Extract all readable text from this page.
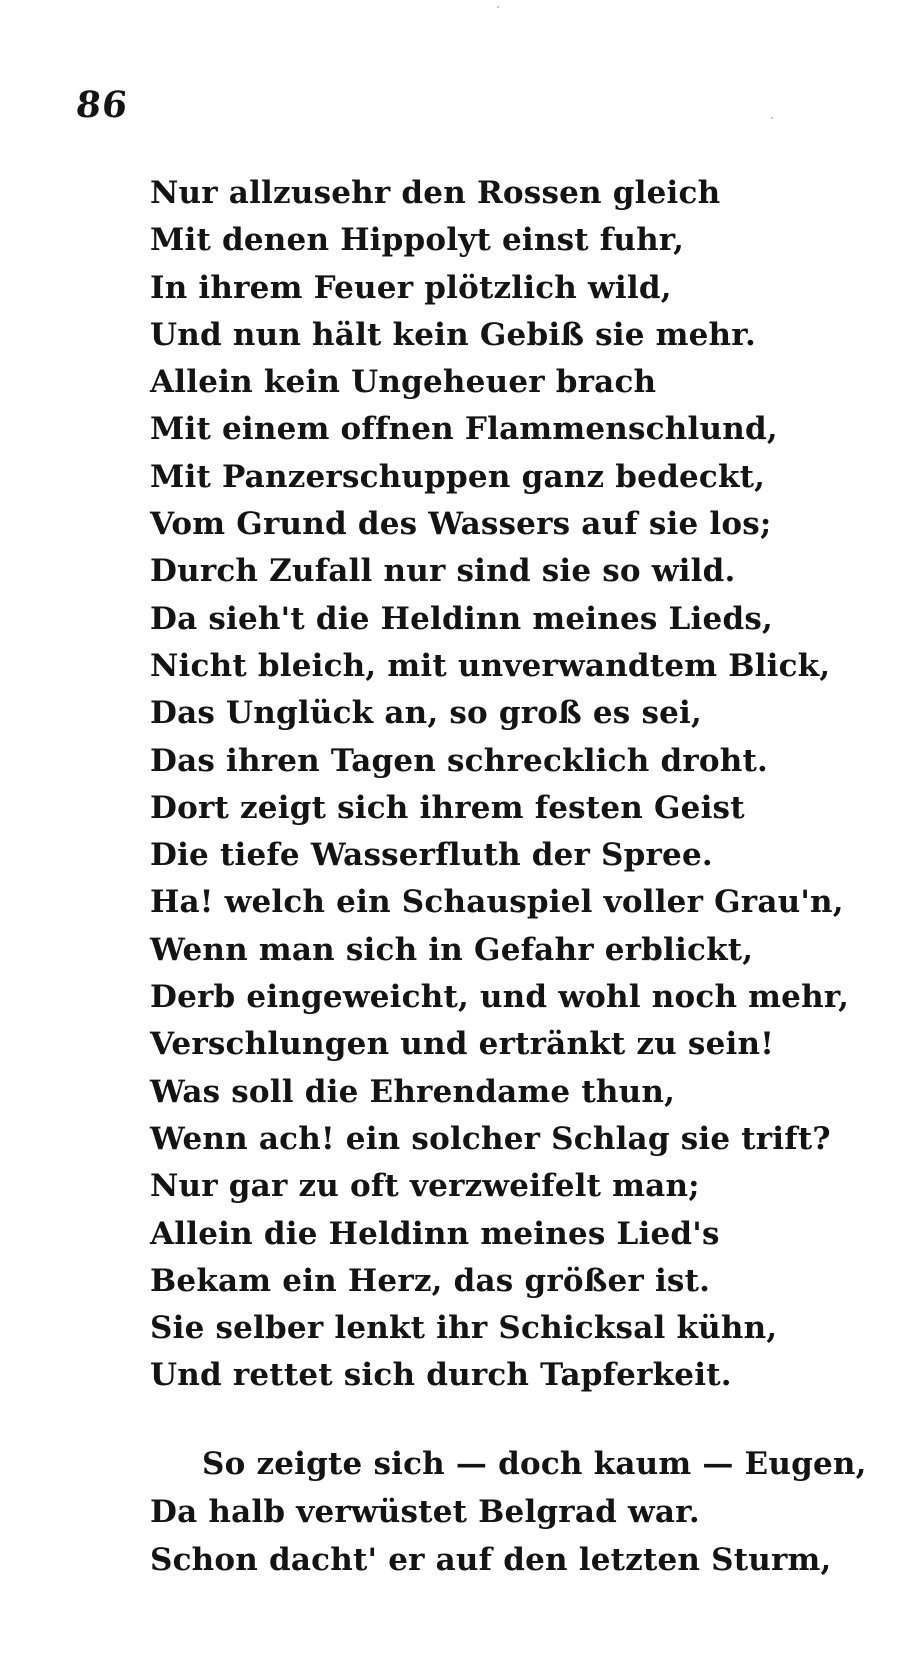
86
Nur allzusehr den Rossen gleich
Mit denen Hippolyt einst fuhr,
In ihrem Feuer plötzlich wild,
Und nun hält kein Gebiß sie mehr.
Allein kein Ungeheuer brach
Mit einem offnen Flammenschlund,
Mit Panzerschuppen ganz bedeckt,
Vom Grund des Wassers auf sie los;
Durch Zufall nur sind sie so wild.
Da sieh't die Heldinn meines Lieds,
Nicht bleich, mit unverwandtem Blick,
Das Unglück an, so groß es sei,
Das ihren Tagen schrecklich droht.
Dort zeigt sich ihrem festen Geist
Die tiefe Wasserfluth der Spree.
Ha! welch ein Schauspiel voller Grau'n,
Wenn man sich in Gefahr erblickt,
Derb eingeweicht, und wohl noch mehr,
Verschlungen und ertränkt zu sein!
Was soll die Ehrendame thun,
Wenn ach! ein solcher Schlag sie trift?
Nur gar zu oft verzweifelt man;
Allein die Heldinn meines Lied's
Bekam ein Herz, das größer ist.
Sie selber lenkt ihr Schicksal kühn,
Und rettet sich durch Tapferkeit.
So zeigte sich — doch kaum — Eugen,
Da halb verwüstet Belgrad war.
Schon dacht' er auf den letzten Sturm,
